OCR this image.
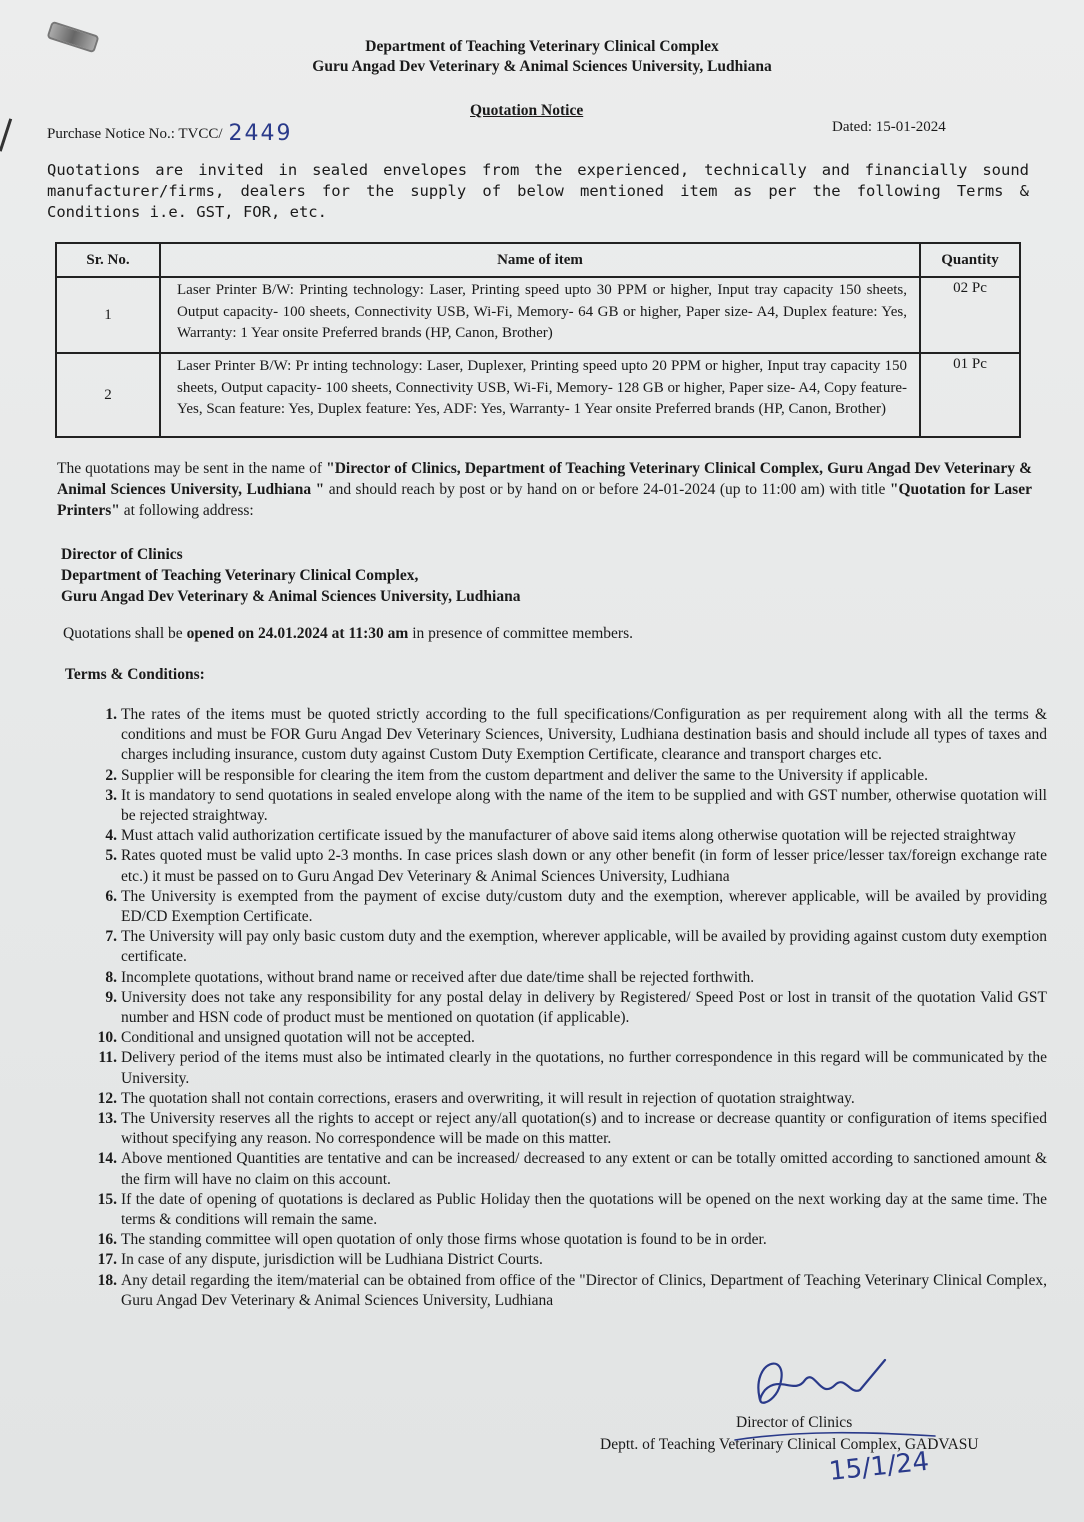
Department of Teaching Veterinary Clinical Complex
Guru Angad Dev Veterinary & Animal Sciences University, Ludhiana
Quotation Notice
Purchase Notice No.: TVCC/ 2449	Dated: 15-01-2024
Quotations are invited in sealed envelopes from the experienced, technically and financially sound manufacturer/firms, dealers for the supply of below mentioned item as per the following Terms & Conditions i.e. GST, FOR, etc.
Sr. No.	Name of item	Quantity
1	Laser Printer B/W: Printing technology: Laser, Printing speed upto 30 PPM or higher, Input tray capacity 150 sheets, Output capacity- 100 sheets, Connectivity USB, Wi-Fi, Memory- 64 GB or higher, Paper size- A4, Duplex feature: Yes, Warranty: 1 Year onsite Preferred brands (HP, Canon, Brother)	02 Pc
2	Laser Printer B/W: Pr inting technology: Laser, Duplexer, Printing speed upto 20 PPM or higher, Input tray capacity 150 sheets, Output capacity- 100 sheets, Connectivity USB, Wi-Fi, Memory- 128 GB or higher, Paper size- A4, Copy feature- Yes, Scan feature: Yes, Duplex feature: Yes, ADF: Yes, Warranty- 1 Year onsite Preferred brands (HP, Canon, Brother)	01 Pc
The quotations may be sent in the name of "Director of Clinics, Department of Teaching Veterinary Clinical Complex, Guru Angad Dev Veterinary & Animal Sciences University, Ludhiana " and should reach by post or by hand on or before 24-01-2024 (up to 11:00 am) with title "Quotation for Laser Printers" at following address:
Director of Clinics
Department of Teaching Veterinary Clinical Complex,
Guru Angad Dev Veterinary & Animal Sciences University, Ludhiana
Quotations shall be opened on 24.01.2024 at 11:30 am in presence of committee members.
Terms & Conditions:
1. The rates of the items must be quoted strictly according to the full specifications/Configuration as per requirement along with all the terms & conditions and must be FOR Guru Angad Dev Veterinary Sciences, University, Ludhiana destination basis and should include all types of taxes and charges including insurance, custom duty against Custom Duty Exemption Certificate, clearance and transport charges etc.
2. Supplier will be responsible for clearing the item from the custom department and deliver the same to the University if applicable.
3. It is mandatory to send quotations in sealed envelope along with the name of the item to be supplied and with GST number, otherwise quotation will be rejected straightway.
4. Must attach valid authorization certificate issued by the manufacturer of above said items along otherwise quotation will be rejected straightway
5. Rates quoted must be valid upto 2-3 months. In case prices slash down or any other benefit (in form of lesser price/lesser tax/foreign exchange rate etc.) it must be passed on to Guru Angad Dev Veterinary & Animal Sciences University, Ludhiana
6. The University is exempted from the payment of excise duty/custom duty and the exemption, wherever applicable, will be availed by providing ED/CD Exemption Certificate.
7. The University will pay only basic custom duty and the exemption, wherever applicable, will be availed by providing against custom duty exemption certificate.
8. Incomplete quotations, without brand name or received after due date/time shall be rejected forthwith.
9. University does not take any responsibility for any postal delay in delivery by Registered/ Speed Post or lost in transit of the quotation Valid GST number and HSN code of product must be mentioned on quotation (if applicable).
10. Conditional and unsigned quotation will not be accepted.
11. Delivery period of the items must also be intimated clearly in the quotations, no further correspondence in this regard will be communicated by the University.
12. The quotation shall not contain corrections, erasers and overwriting, it will result in rejection of quotation straightway.
13. The University reserves all the rights to accept or reject any/all quotation(s) and to increase or decrease quantity or configuration of items specified without specifying any reason. No correspondence will be made on this matter.
14. Above mentioned Quantities are tentative and can be increased/ decreased to any extent or can be totally omitted according to sanctioned amount & the firm will have no claim on this account.
15. If the date of opening of quotations is declared as Public Holiday then the quotations will be opened on the next working day at the same time. The terms & conditions will remain the same.
16. The standing committee will open quotation of only those firms whose quotation is found to be in order.
17. In case of any dispute, jurisdiction will be Ludhiana District Courts.
18. Any detail regarding the item/material can be obtained from office of the "Director of Clinics, Department of Teaching Veterinary Clinical Complex, Guru Angad Dev Veterinary & Animal Sciences University, Ludhiana
15/1/24
Director of Clinics
Deptt. of Teaching Veterinary Clinical Complex, GADVASU
